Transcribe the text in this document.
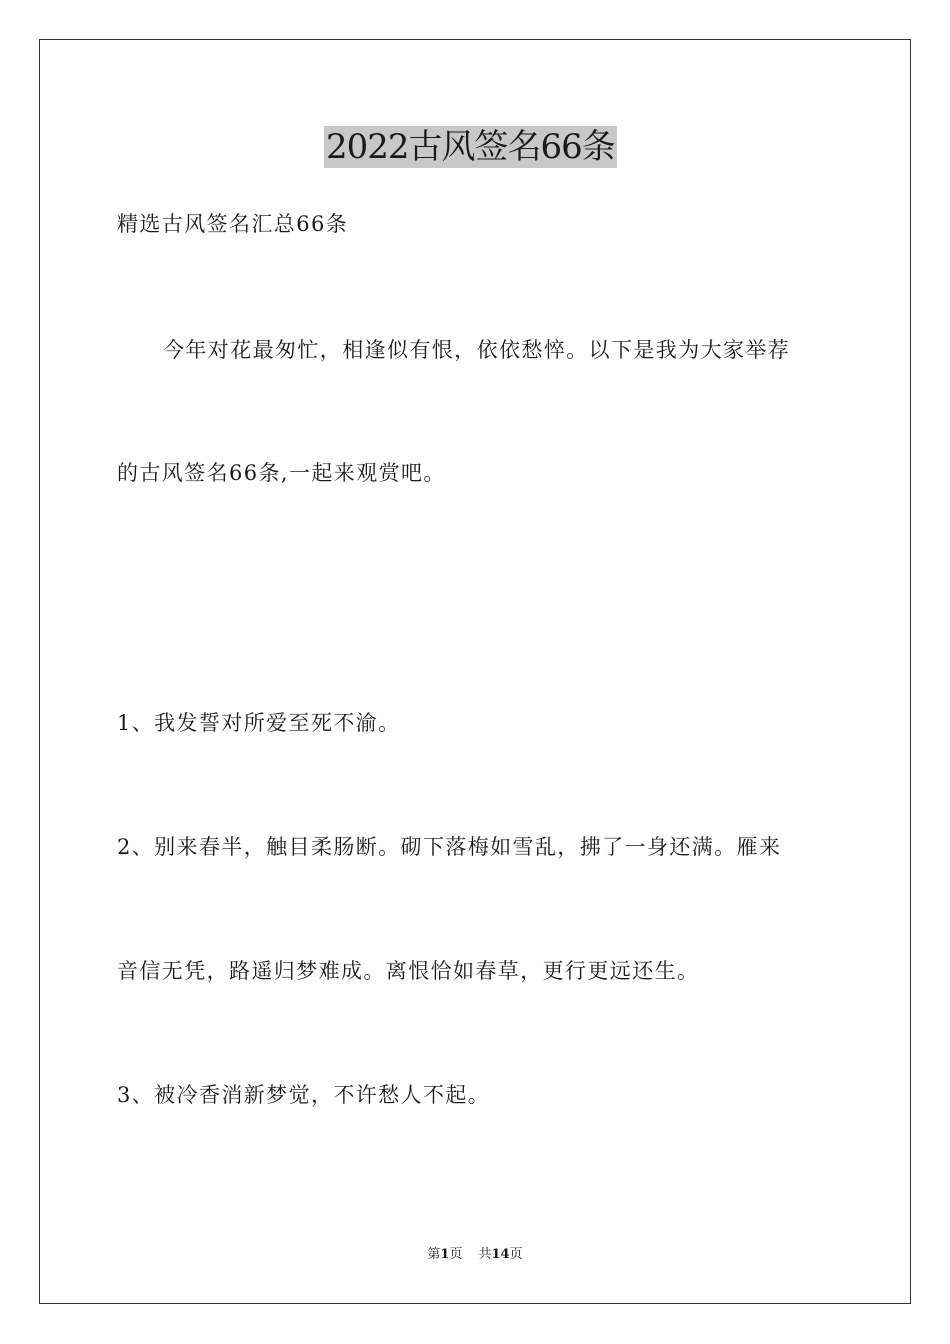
2022古风签名66条
精选古风签名汇总66条
今年对花最匆忙，相逢似有恨，依依愁悴。以下是我为大家举荐
的古风签名66条,一起来观赏吧。
1、我发誓对所爱至死不渝。
2、别来春半，触目柔肠断。砌下落梅如雪乱，拂了一身还满。雁来
音信无凭，路遥归梦难成。离恨恰如春草，更行更远还生。
3、被冷香消新梦觉，不许愁人不起。
第1页 共14页
